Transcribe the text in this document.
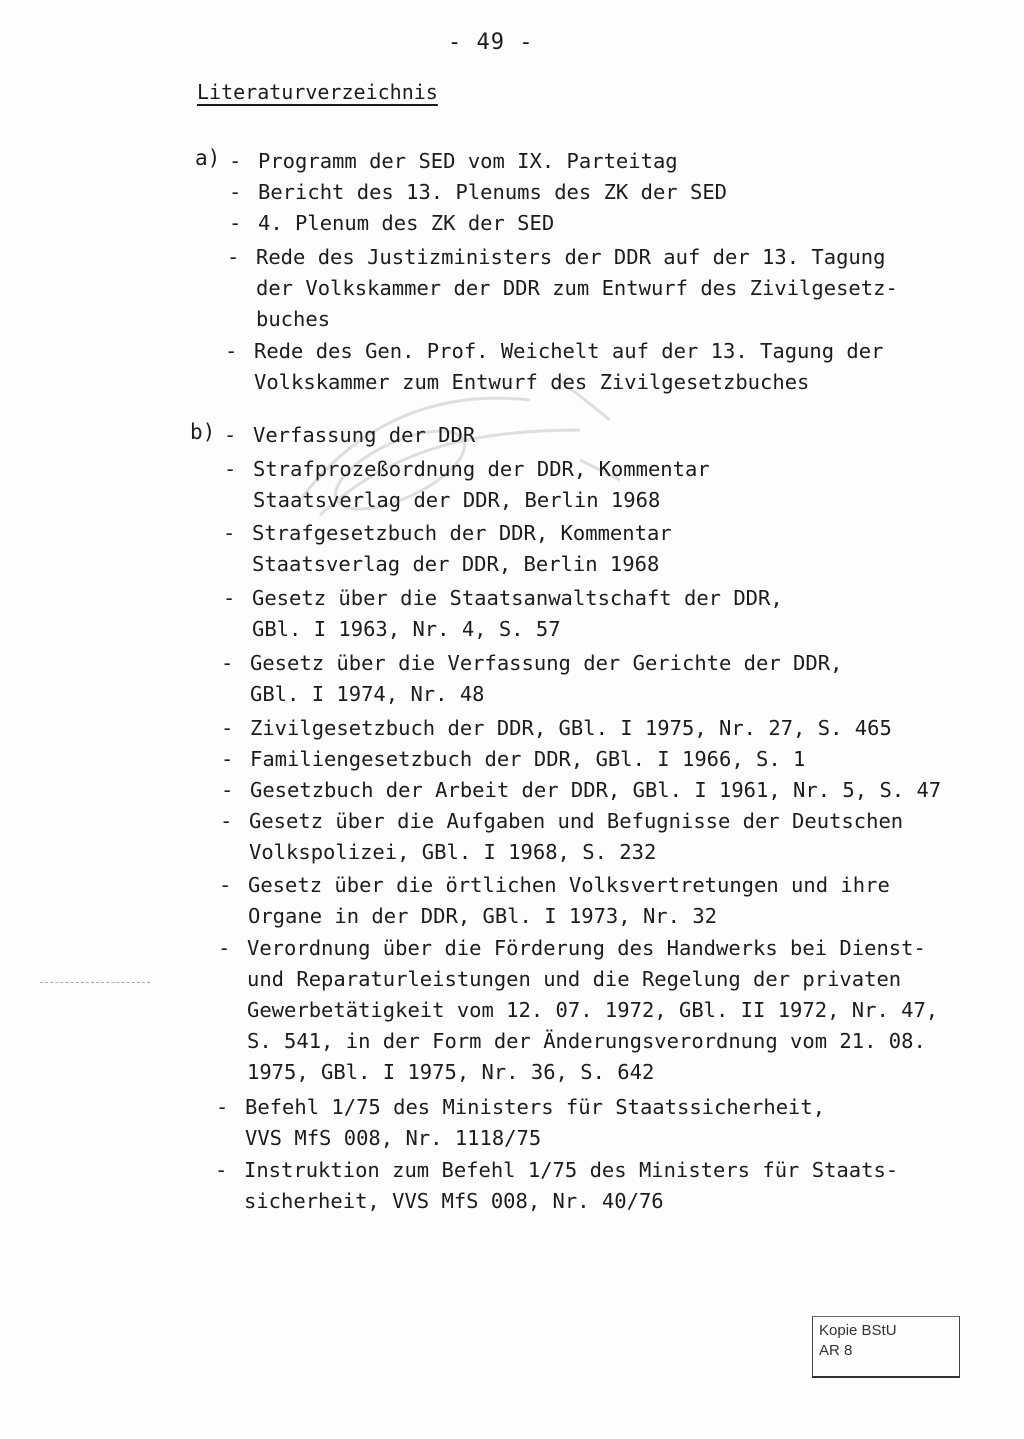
- 49 -
Literaturverzeichnis
a) - Programm der SED vom IX. Parteitag
- Bericht des 13. Plenums des ZK der SED
- 4. Plenum des ZK der SED
- Rede des Justizministers der DDR auf der 13. Tagung
der Volkskammer der DDR zum Entwurf des Zivilgesetz-
buches
- Rede des Gen. Prof. Weichelt auf der 13. Tagung der
Volkskammer zum Entwurf des Zivilgesetzbuches
b) - Verfassung der DDR
- Strafprozeßordnung der DDR, Kommentar
Staatsverlag der DDR, Berlin 1968
- Strafgesetzbuch der DDR, Kommentar
Staatsverlag der DDR, Berlin 1968
- Gesetz über die Staatsanwaltschaft der DDR,
GBl. I 1963, Nr. 4, S. 57
- Gesetz über die Verfassung der Gerichte der DDR,
GBl. I 1974, Nr. 48
- Zivilgesetzbuch der DDR, GBl. I 1975, Nr. 27, S. 465
- Familiengesetzbuch der DDR, GBl. I 1966, S. 1
- Gesetzbuch der Arbeit der DDR, GBl. I 1961, Nr. 5, S. 47
- Gesetz über die Aufgaben und Befugnisse der Deutschen
Volkspolizei, GBl. I 1968, S. 232
- Gesetz über die örtlichen Volksvertretungen und ihre
Organe in der DDR, GBl. I 1973, Nr. 32
- Verordnung über die Förderung des Handwerks bei Dienst-
und Reparaturleistungen und die Regelung der privaten
Gewerbetätigkeit vom 12. 07. 1972, GBl. II 1972, Nr. 47,
S. 541, in der Form der Änderungsverordnung vom 21. 08.
1975, GBl. I 1975, Nr. 36, S. 642
- Befehl 1/75 des Ministers für Staatssicherheit,
VVS MfS 008, Nr. 1118/75
- Instruktion zum Befehl 1/75 des Ministers für Staats-
sicherheit, VVS MfS 008, Nr. 40/76
Kopie BStU
AR 8
